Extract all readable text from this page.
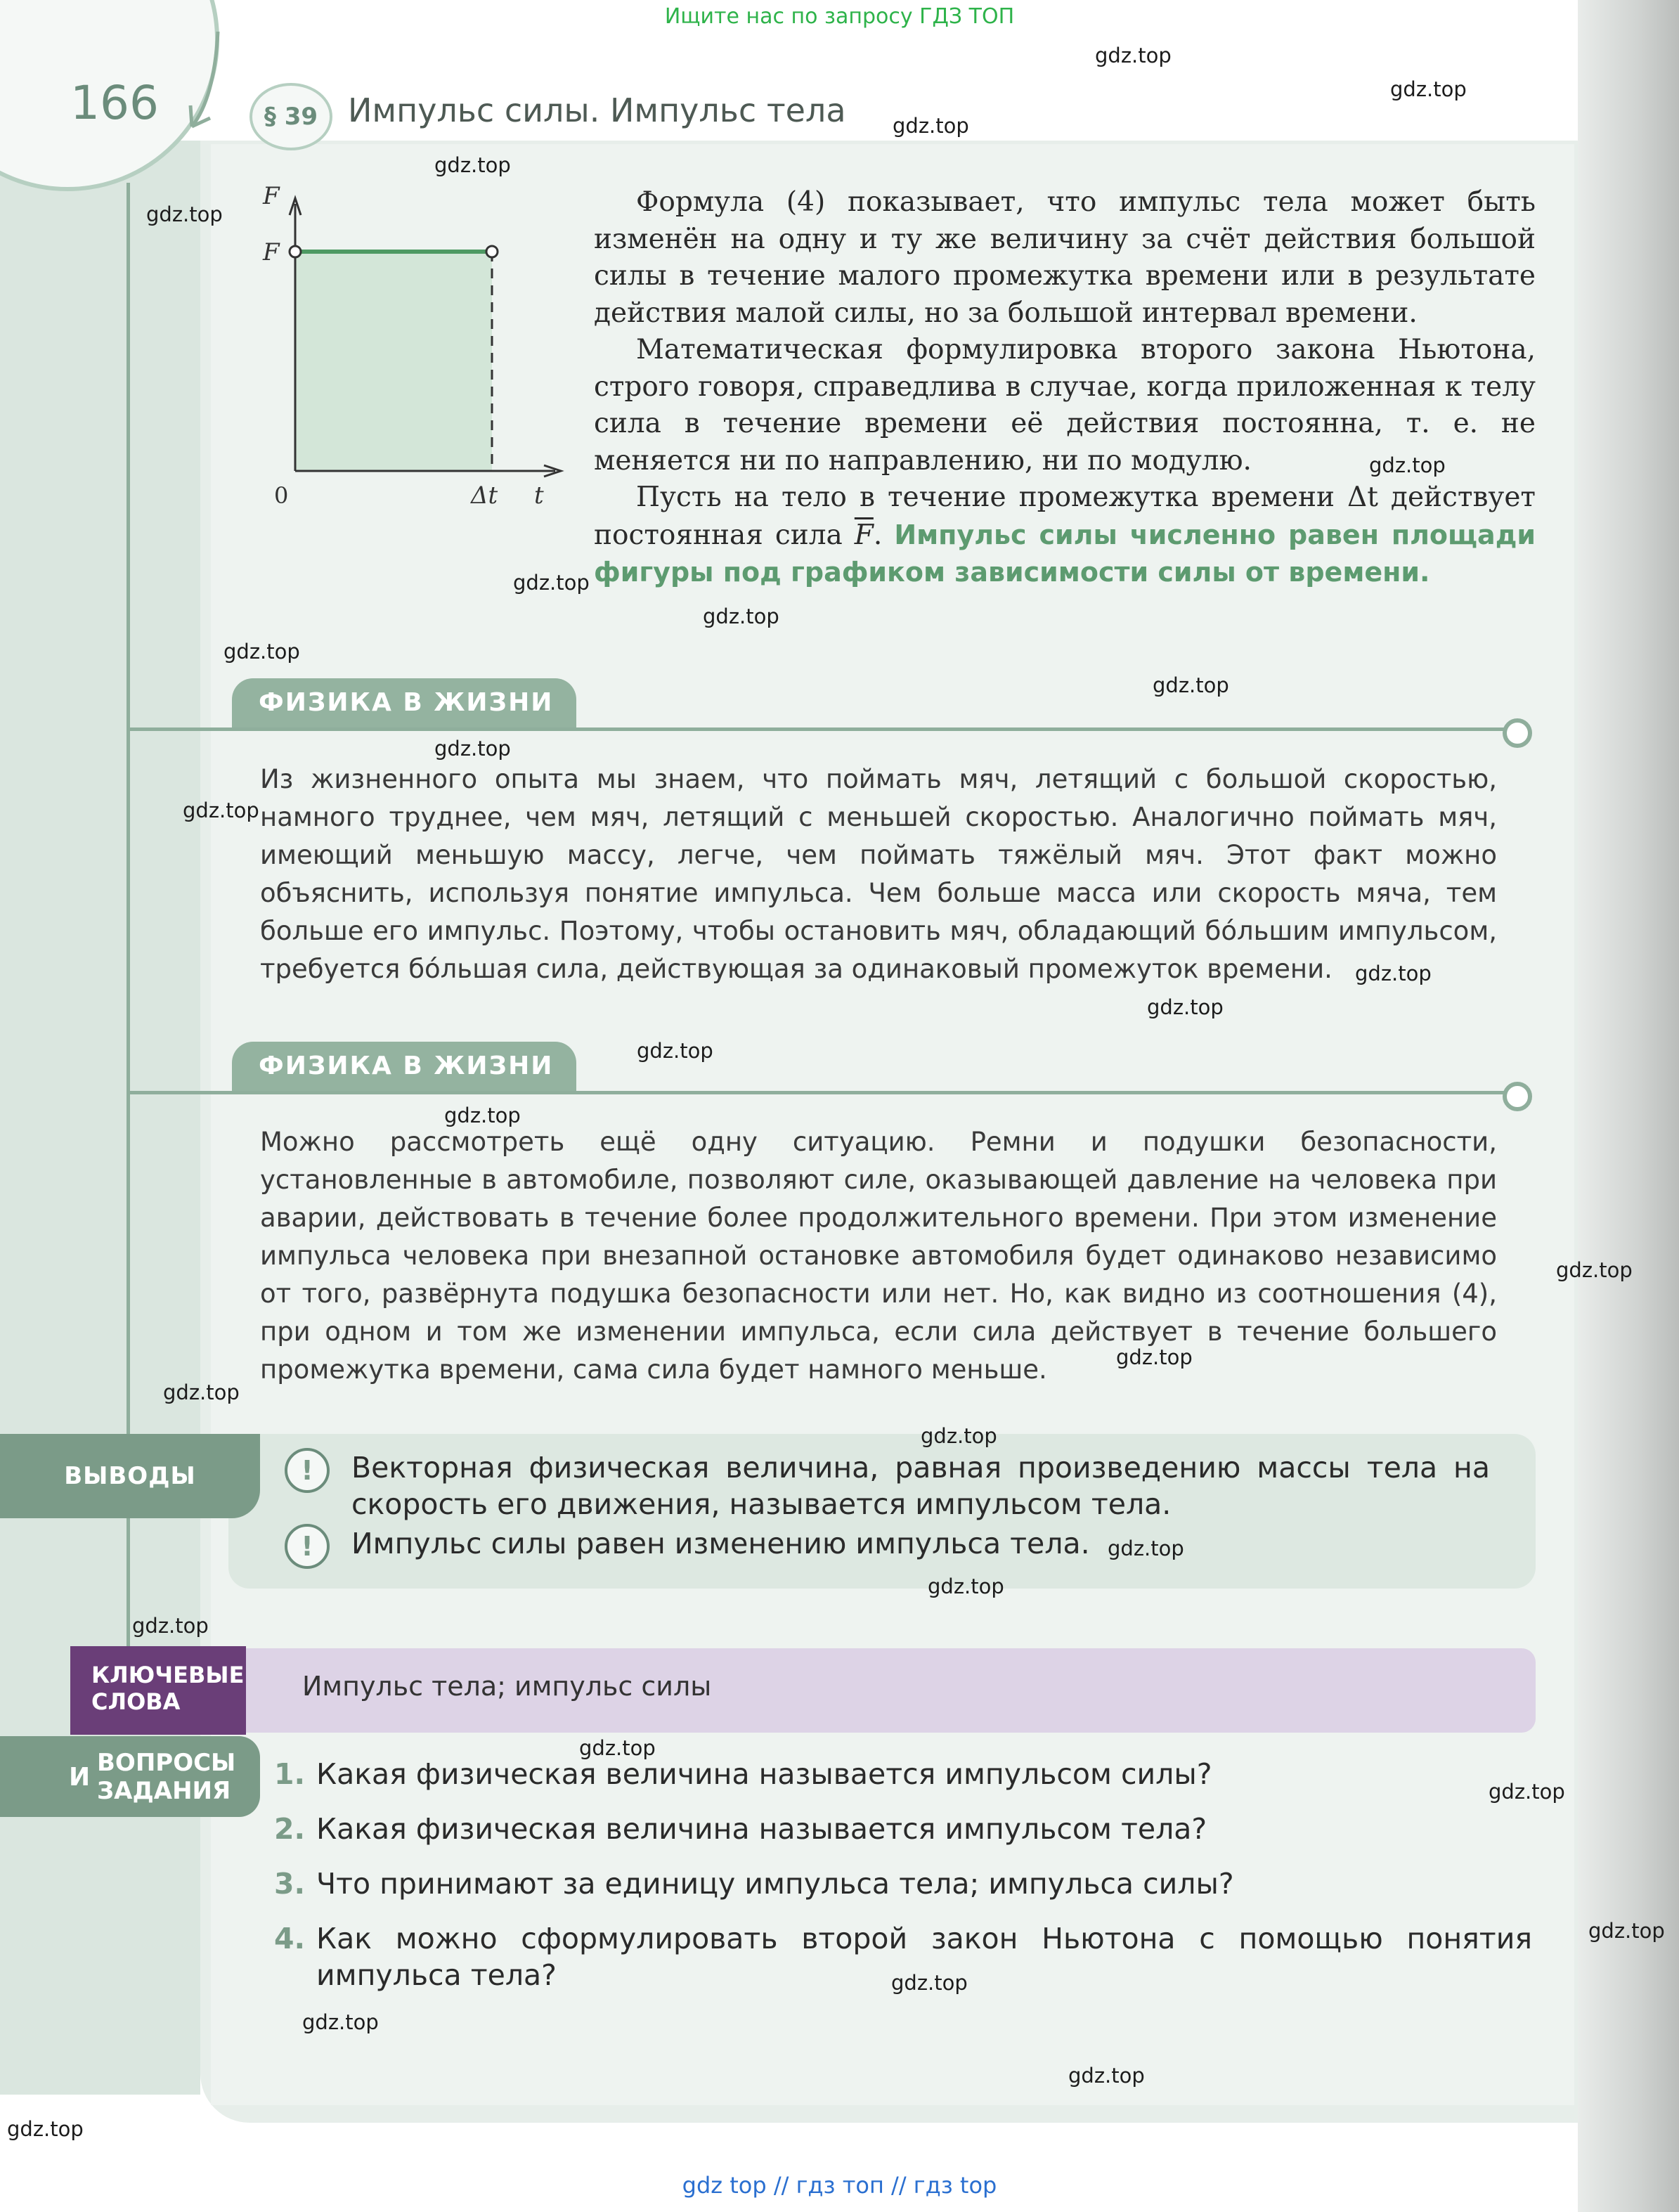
Ищите нас по запросу ГДЗ ТОП
166	§ 39 Импульс силы. Импульс тела
F
F
0	Δt t

Формула (4) показывает, что импульс тела может быть изменён на одну и ту же величину за счёт действия большой силы в течение малого промежутка времени или в результате действия малой силы, но за большой интервал времени.

Математическая формулировка второго закона Ньютона, строго говоря, справедлива в случае, когда приложенная к телу сила в течение времени её действия постоянна, т. е. не меняется ни по направлению, ни по модулю.

Пусть на тело в течение промежутка времени Δt действует постоянная сила $\overline{F}$. Импульс силы численно равен площади фигуры под графиком зависимости силы от времени.

ФИЗИКА В ЖИЗНИ
Из жизненного опыта мы знаем, что поймать мяч, летящий с большой скоростью, намного труднее, чем мяч, летящий с меньшей скоростью. Аналогично поймать мяч, имеющий меньшую массу, легче, чем поймать тяжёлый мяч. Этот факт можно объяснить, используя понятие импульса. Чем больше масса или скорость мяча, тем больше его импульс. Поэтому, чтобы остановить мяч, обладающий бóльшим импульсом, требуется бóльшая сила, действующая за одинаковый промежуток времени.
ФИЗИКА В ЖИЗНИ
Можно рассмотреть ещё одну ситуацию. Ремни и подушки безопасности, установленные в автомобиле, позволяют силе, оказывающей давление на человека при аварии, действовать в течение более продолжительного времени. При этом изменение импульса человека при внезапной остановке автомобиля будет одинаково независимо от того, развёрнута подушка безопасности или нет. Но, как видно из соотношения (4), при одном и том же изменении импульса, если сила действует в течение большего промежутка времени, сама сила будет намного меньше.
ВЫВОДЫ	!	Векторная физическая величина, равная произведению массы тела на скорость его движения, называется импульсом тела.
!	Импульс силы равен изменению импульса тела.
КЛЮЧЕВЫЕ
СЛОВА	Импульс тела; импульс силы
И ВОПРОСЫ
ЗАДАНИЯ 1. Какая физическая величина называется импульсом силы?
2. Какая физическая величина называется импульсом тела?
3. Что принимают за единицу импульса тела; импульса силы?
4. Как можно сформулировать второй закон Ньютона с помощью понятия импульса тела?
gdz.top
gdz.top
gdz.top
gdz.top
gdz.top
gdz.top
gdz.top
gdz.top
gdz.top
gdz.top
gdz.top
gdz.top
gdz.top
gdz.top
gdz.top
gdz.top
gdz.top
gdz.top
gdz.top
gdz.top
gdz.top
gdz.top
gdz.top
gdz.top
gdz.top
gdz.top
gdz.top
gdz.top
gdz.top
gdz.top
gdz top // гдз топ // гдз top
